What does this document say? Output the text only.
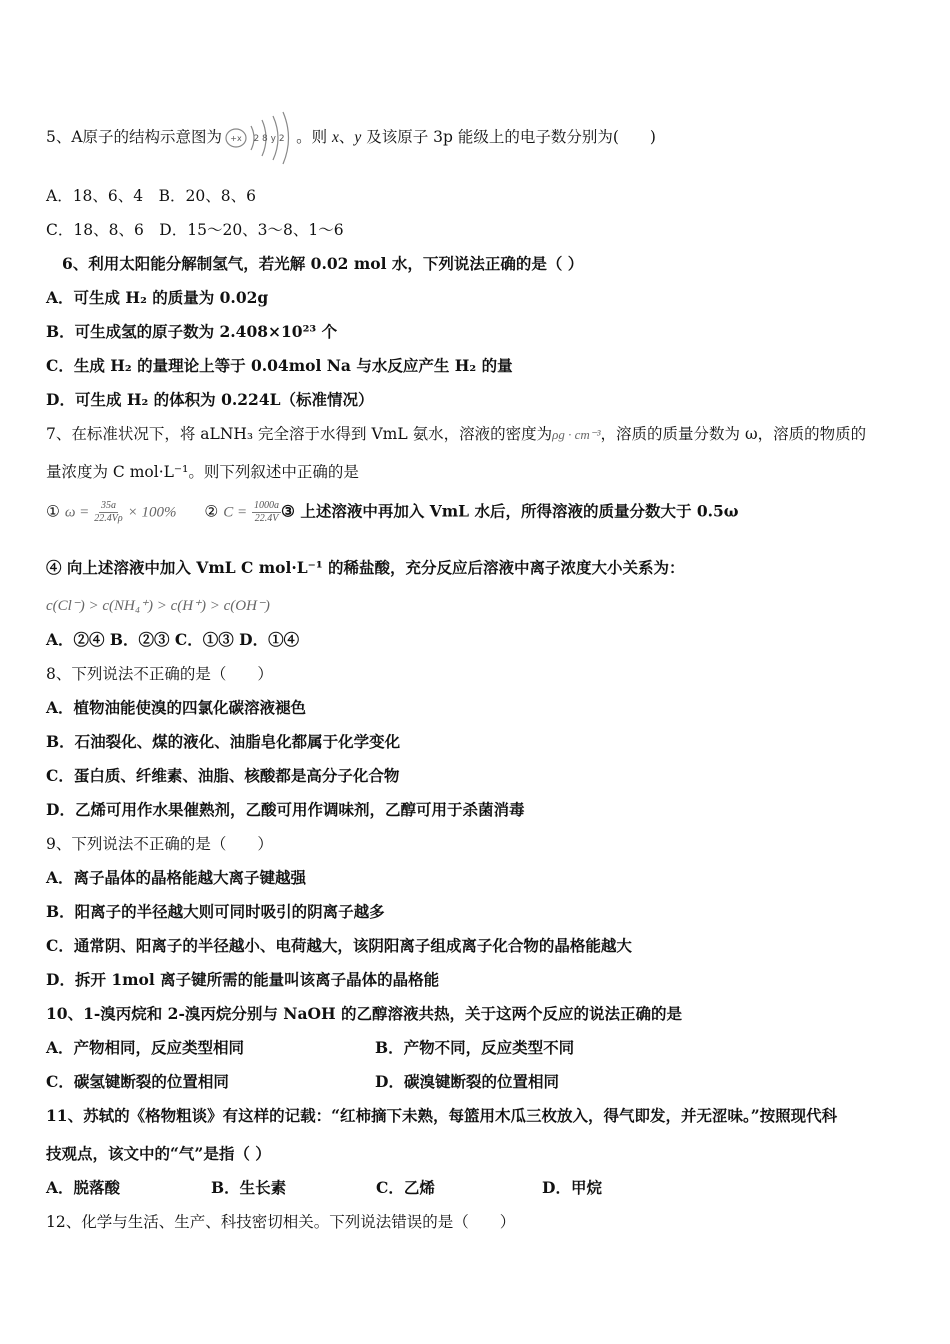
5、A原子的结构示意图为 +x 2 8 y 2 。则 x、y 及该原子 3p 能级上的电子数分别为(　　)
A．18、6、4　B．20、8、6
C．18、8、6　D．15～20、3～8、1～6
6、利用太阳能分解制氢气，若光解 0.02 mol 水，下列说法正确的是（ ）
A．可生成 H₂ 的质量为 0.02g
B．可生成氢的原子数为 2.408×10²³ 个
C．生成 H₂ 的量理论上等于 0.04mol Na 与水反应产生 H₂ 的量
D．可生成 H₂ 的体积为 0.224L（标准情况）
7、在标准状况下，将 aLNH₃ 完全溶于水得到 VmL 氨水，溶液的密度为ρg · cm⁻³，溶质的质量分数为 ω，溶质的物质的
量浓度为 C mol·L⁻¹。则下列叙述中正确的是
① $\omega = \frac{35a}{22.4V\rho} \times 100\%$ ② $C = \frac{1000a}{22.4V}$ ③ 上述溶液中再加入 VmL 水后，所得溶液的质量分数大于 0.5ω
④ 向上述溶液中加入 VmL C mol·L⁻¹ 的稀盐酸，充分反应后溶液中离子浓度大小关系为：
c(Cl⁻) > c(NH₄⁺) > c(H⁺) > c(OH⁻)
A．②④ B．②③ C．①③ D．①④
8、下列说法不正确的是（　　）
A．植物油能使溴的四氯化碳溶液褪色
B．石油裂化、煤的液化、油脂皂化都属于化学变化
C．蛋白质、纤维素、油脂、核酸都是高分子化合物
D．乙烯可用作水果催熟剂，乙酸可用作调味剂，乙醇可用于杀菌消毒
9、下列说法不正确的是（　　）
A．离子晶体的晶格能越大离子键越强
B．阳离子的半径越大则可同时吸引的阴离子越多
C．通常阴、阳离子的半径越小、电荷越大，该阴阳离子组成离子化合物的晶格能越大
D．拆开 1mol 离子键所需的能量叫该离子晶体的晶格能
10、1-溴丙烷和 2-溴丙烷分别与 NaOH 的乙醇溶液共热，关于这两个反应的说法正确的是
A．产物相同，反应类型相同	B．产物不同，反应类型不同
C．碳氢键断裂的位置相同	D．碳溴键断裂的位置相同
11、苏轼的《格物粗谈》有这样的记载：“红柿摘下未熟，每篮用木瓜三枚放入，得气即发，并无涩味。”按照现代科
技观点，该文中的“气”是指（ ）
A．脱落酸	B．生长素	C．乙烯	D．甲烷
12、化学与生活、生产、科技密切相关。下列说法错误的是（　　）
